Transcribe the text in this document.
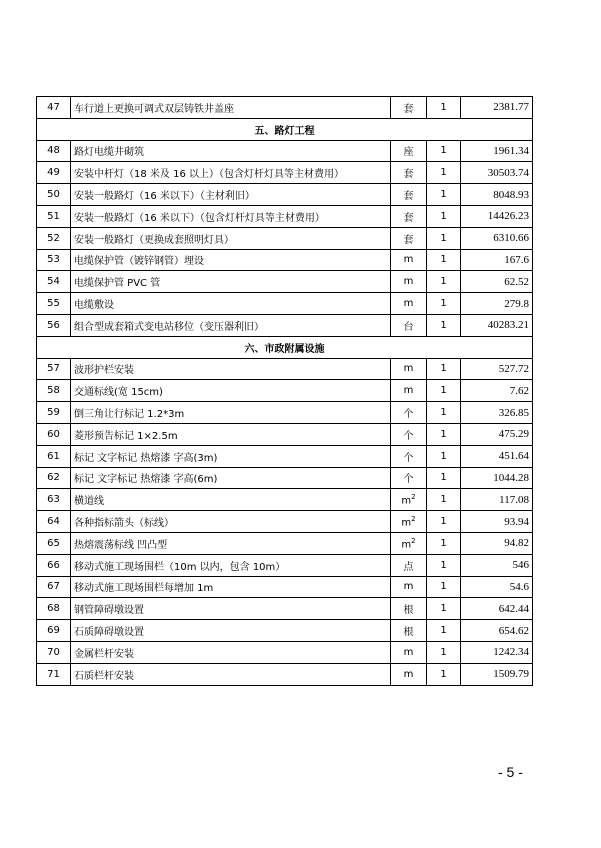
47	车行道上更换可调式双层铸铁井盖座	套	1	2381.77
五、路灯工程				
48	路灯电缆井砌筑	座	1	1961.34
49	安装中杆灯（18 米及 16 以上）（包含灯杆灯具等主材费用）	套	1	30503.74
50	安装一般路灯（16 米以下）（主材利旧）	套	1	8048.93
51	安装一般路灯（16 米以下）（包含灯杆灯具等主材费用）	套	1	14426.23
52	安装一般路灯（更换成套照明灯具）	套	1	6310.66
53	电缆保护管（镀锌钢管）埋设	m	1	167.6
54	电缆保护管 PVC 管	m	1	62.52
55	电缆敷设	m	1	279.8
56	组合型成套箱式变电站移位（变压器利旧）	台	1	40283.21
六、市政附属设施				
57	波形护栏安装	m	1	527.72
58	交通标线(宽 15cm)	m	1	7.62
59	倒三角让行标记 1.2*3m	个	1	326.85
60	菱形预告标记 1×2.5m	个	1	475.29
61	标记 文字标记 热熔漆 字高(3m)	个	1	451.64
62	标记 文字标记 热熔漆 字高(6m)	个	1	1044.28
63	横道线	$m^2$	1	117.08
64	各种指标箭头（标线）	$m^2$	1	93.94
65	热熔震荡标线 凹凸型	$m^2$	1	94.82
66	移动式施工现场围栏（10m 以内，包含 10m）	点	1	546
67	移动式施工现场围栏每增加 1m	m	1	54.6
68	钢管障碍墩设置	根	1	642.44
69	石质障碍墩设置	根	1	654.62
70	金属栏杆安装	m	1	1242.34
71	石质栏杆安装	m	1	1509.79
- 5 -
